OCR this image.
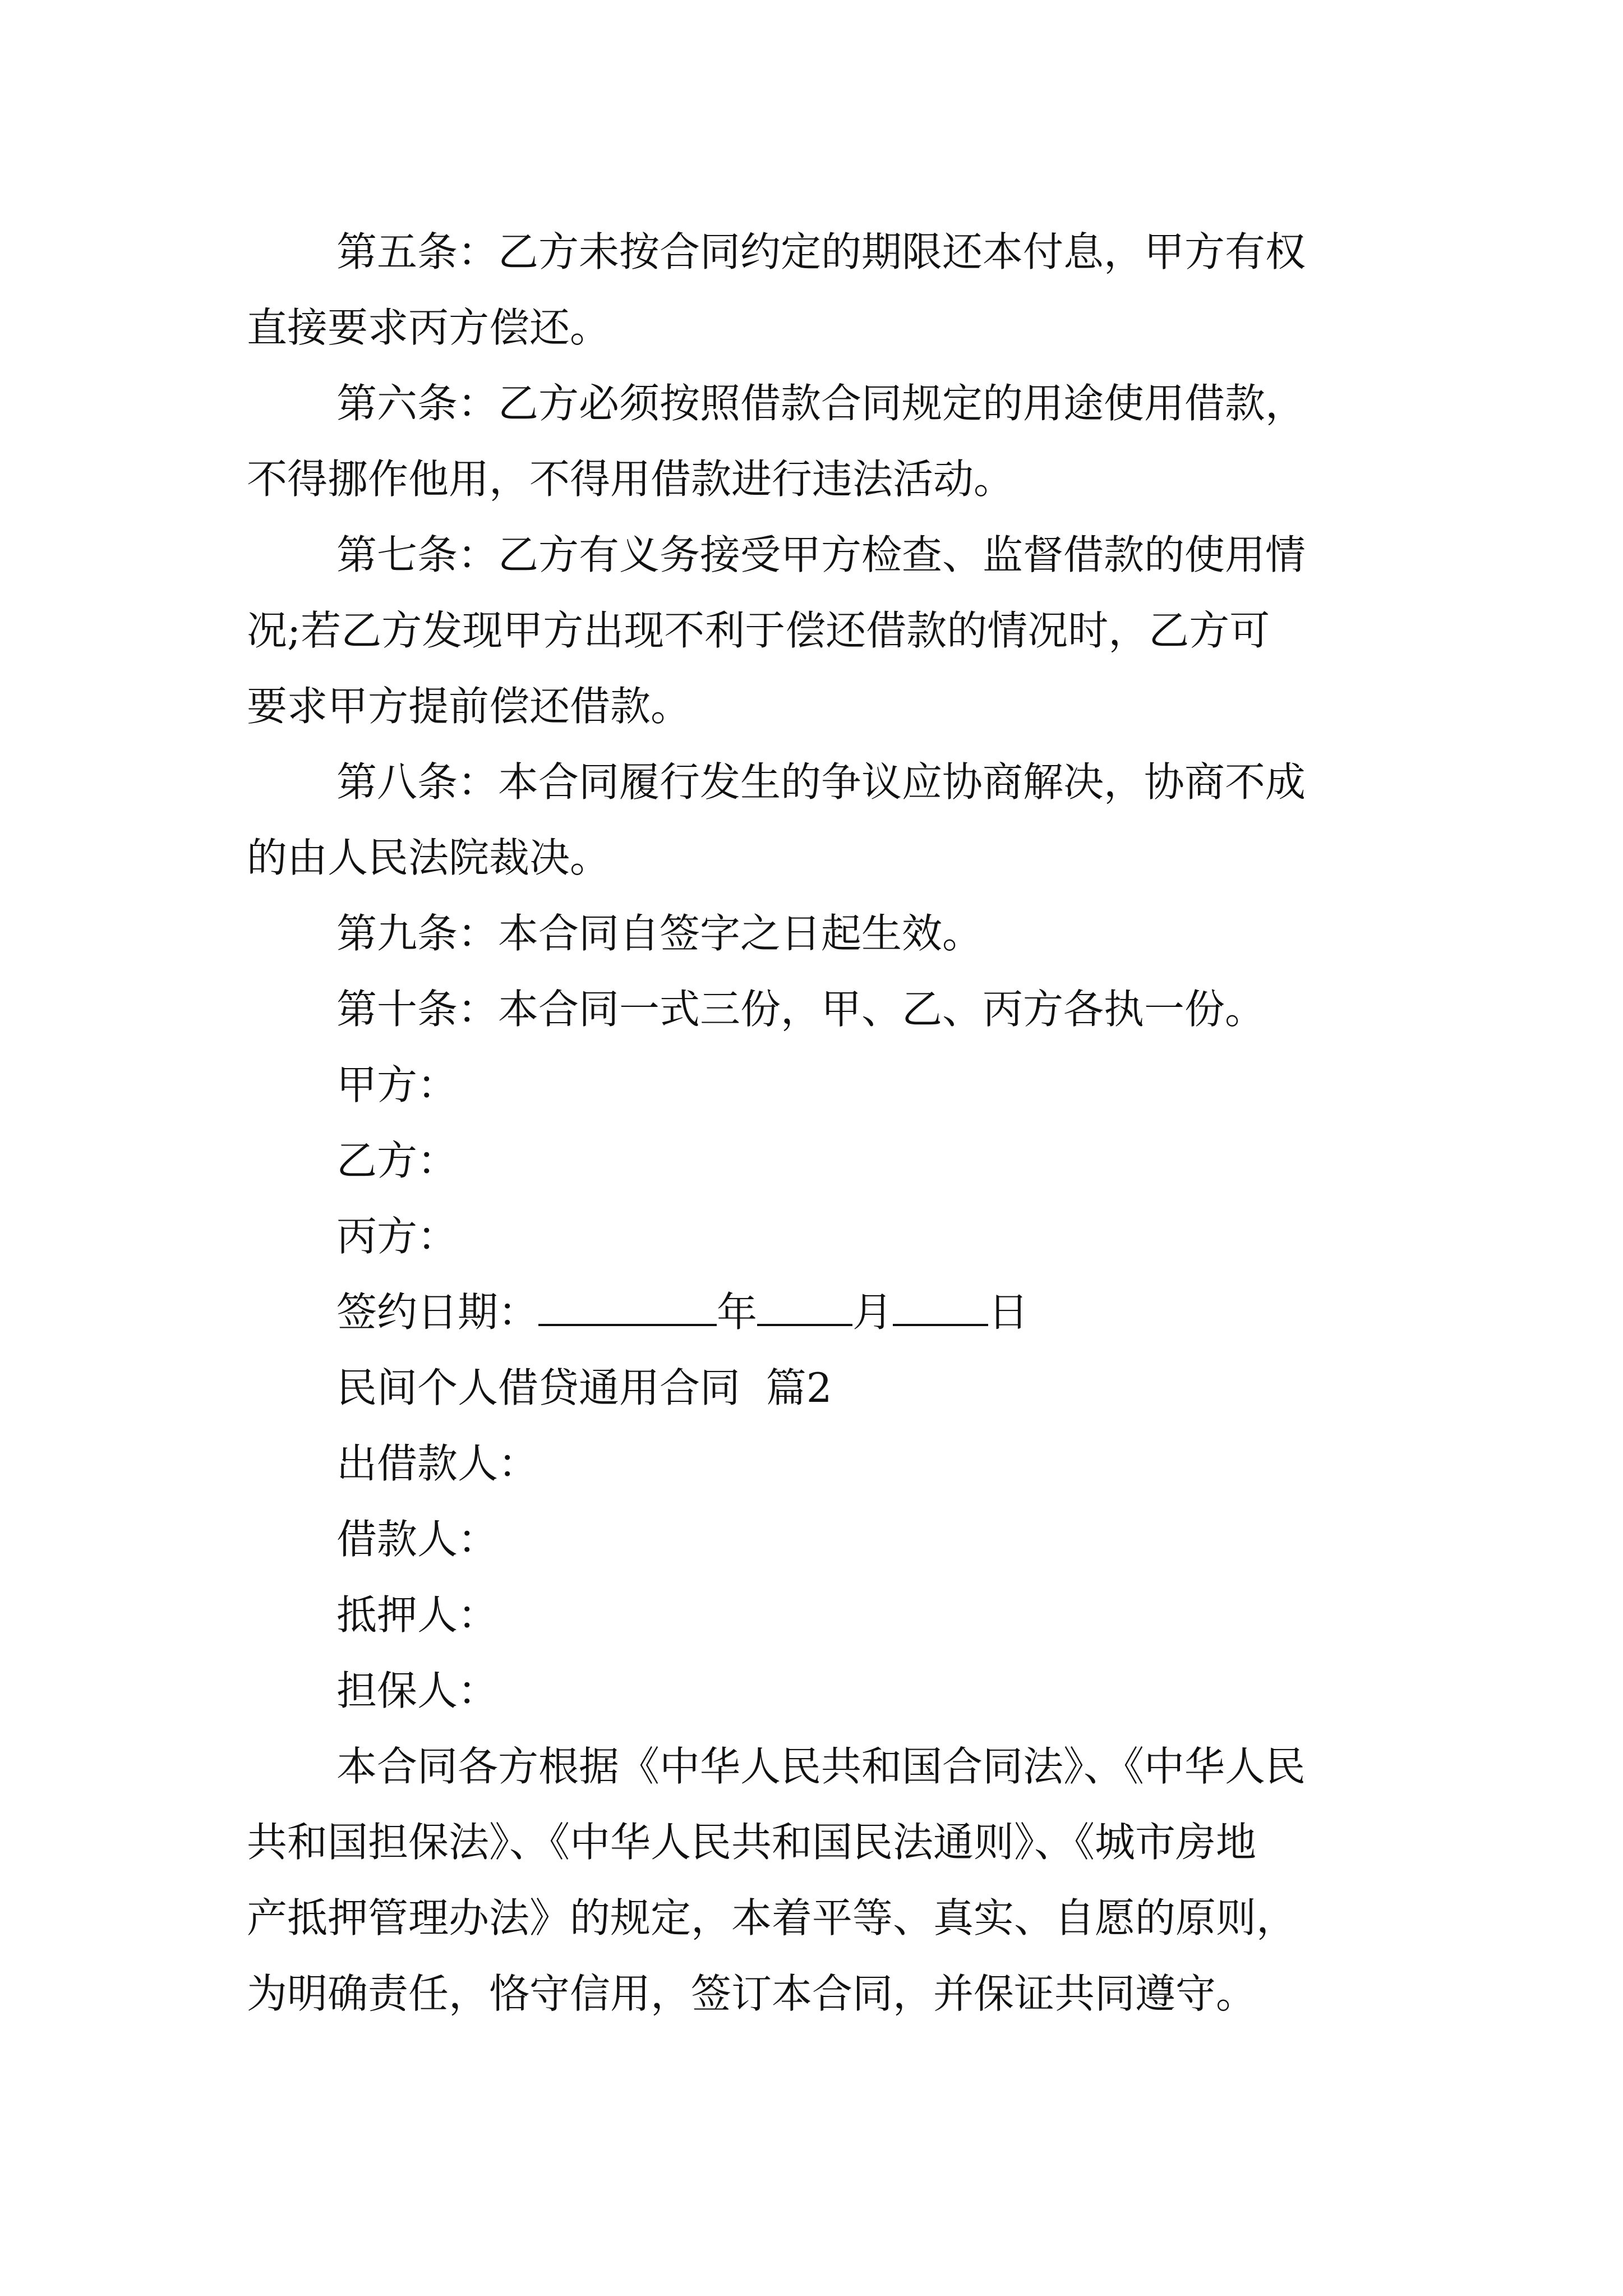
第五条：乙方未按合同约定的期限还本付息，甲方有权
直接要求丙方偿还。
第六条：乙方必须按照借款合同规定的用途使用借款，
不得挪作他用，不得用借款进行违法活动。
第七条：乙方有义务接受甲方检查、监督借款的使用情
况;若乙方发现甲方出现不利于偿还借款的情况时，乙方可
要求甲方提前偿还借款。
第八条：本合同履行发生的争议应协商解决，协商不成
的由人民法院裁决。
第九条：本合同自签字之日起生效。
第十条：本合同一式三份，甲、乙、丙方各执一份。
甲方：
乙方：
丙方：
签约日期：	年 月 日
民间个人借贷通用合同  篇2
出借款人：
借款人：
抵押人：
担保人：
本合同各方根据《中华人民共和国合同法》、《中华人民
共和国担保法》、《中华人民共和国民法通则》、《城市房地
产抵押管理办法》的规定，本着平等、真实、自愿的原则，
为明确责任，恪守信用，签订本合同，并保证共同遵守。
